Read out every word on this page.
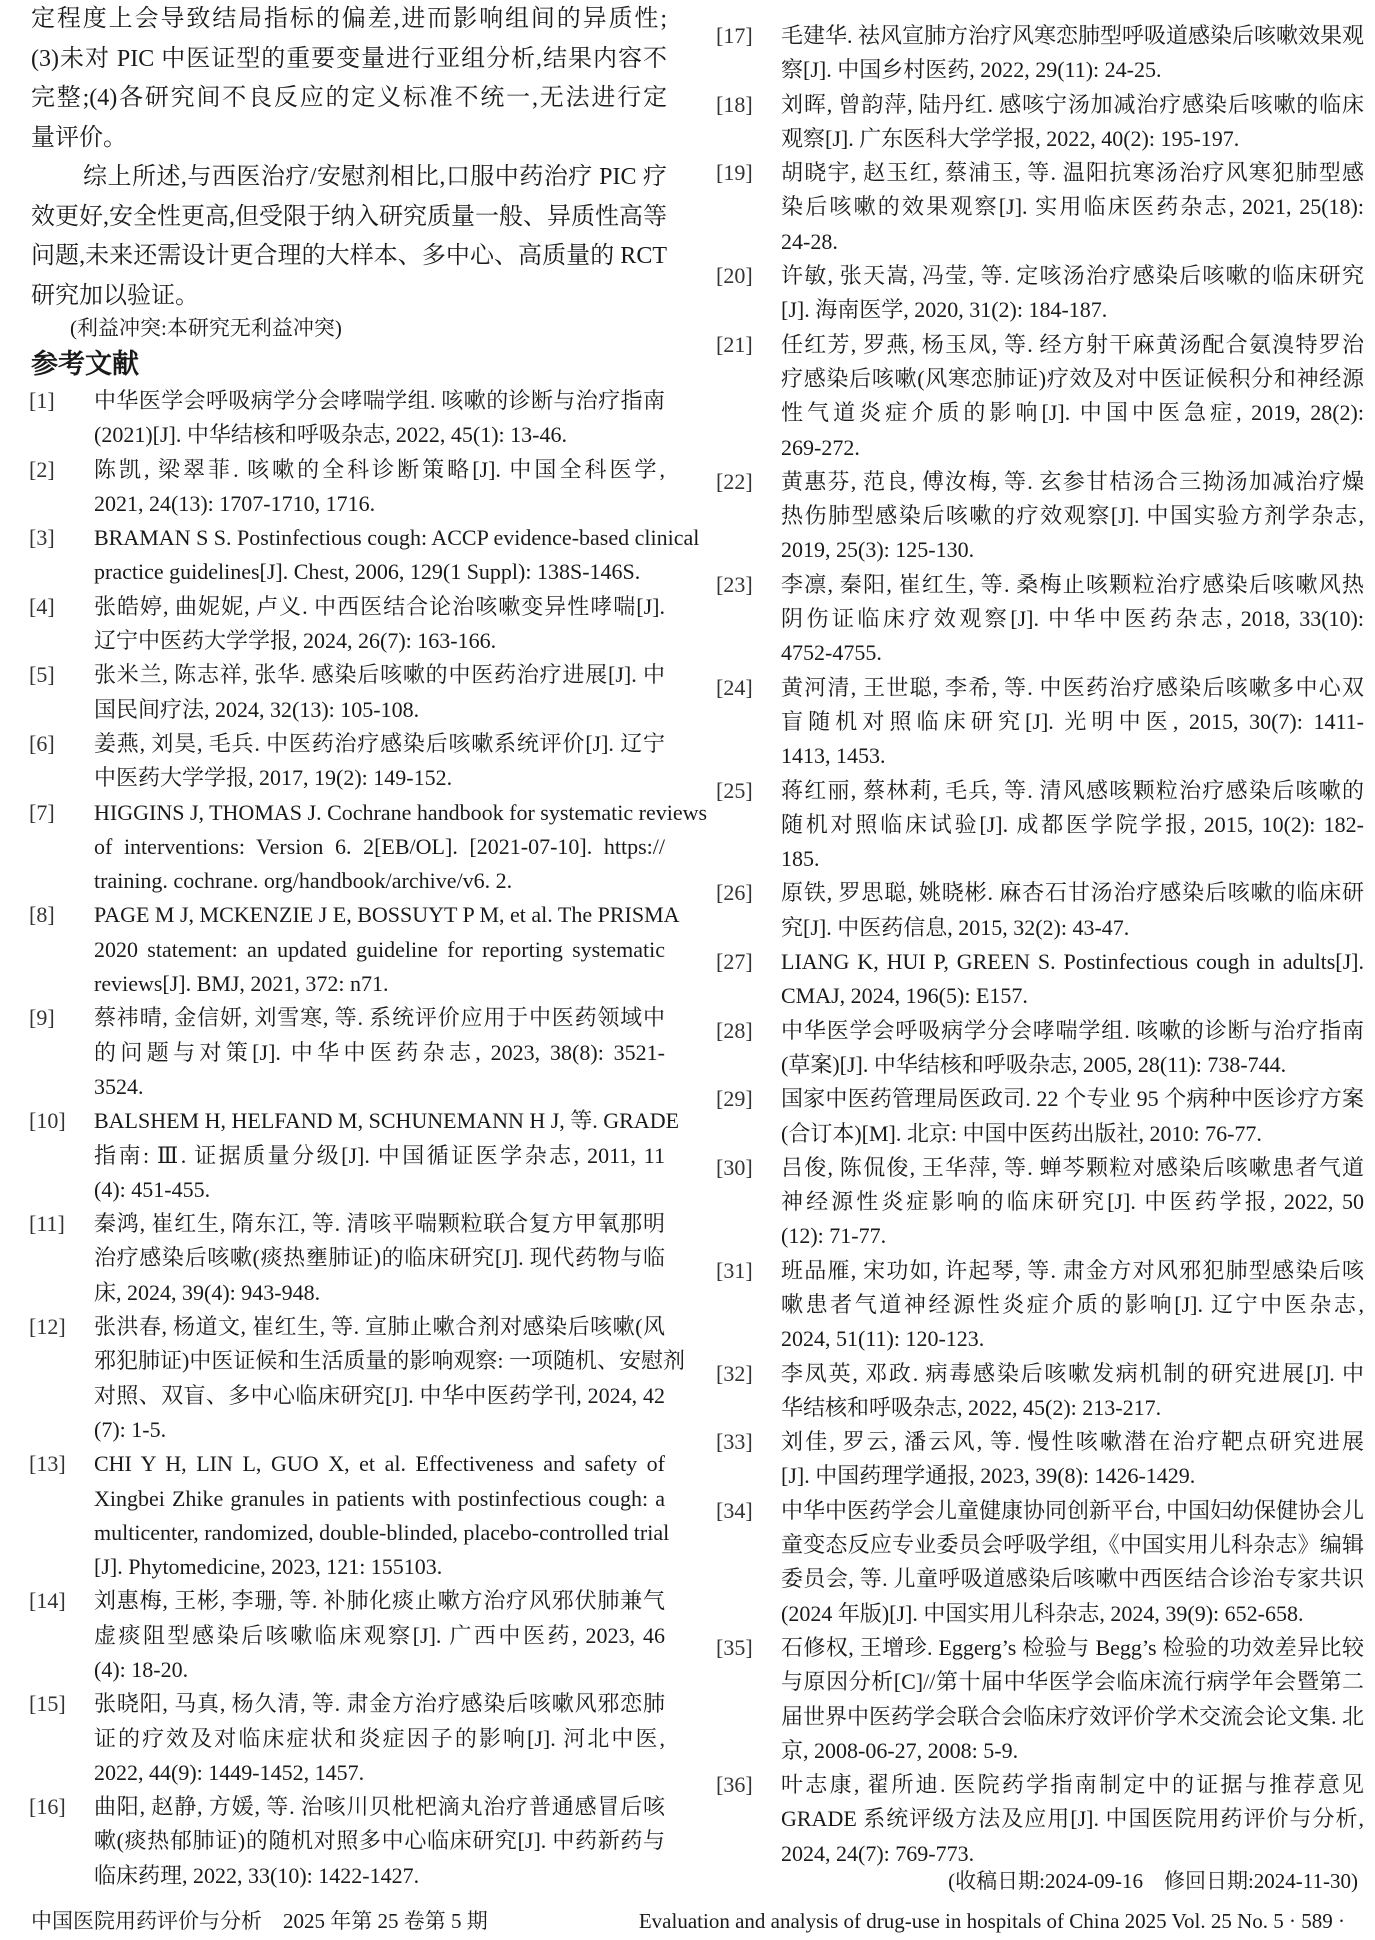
定程度上会导致结局指标的偏差,进而影响组间的异质性;
(3)未对 PIC 中医证型的重要变量进行亚组分析,结果内容不
完整;(4)各研究间不良反应的定义标准不统一,无法进行定
量评价。
综上所述,与西医治疗/安慰剂相比,口服中药治疗 PIC 疗
效更好,安全性更高,但受限于纳入研究质量一般、异质性高等
问题,未来还需设计更合理的大样本、多中心、高质量的 RCT
研究加以验证。
(利益冲突:本研究无利益冲突)
参考文献
[1] 中华医学会呼吸病学分会哮喘学组. 咳嗽的诊断与治疗指南
(2021)[J]. 中华结核和呼吸杂志, 2022, 45(1): 13-46.
[2] 陈凯, 梁翠菲. 咳嗽的全科诊断策略[J]. 中国全科医学,
2021, 24(13): 1707-1710, 1716.
[3] BRAMAN S S. Postinfectious cough: ACCP evidence-based clinical
practice guidelines[J]. Chest, 2006, 129(1 Suppl): 138S-146S.
[4] 张皓婷, 曲妮妮, 卢义. 中西医结合论治咳嗽变异性哮喘[J].
辽宁中医药大学学报, 2024, 26(7): 163-166.
[5] 张米兰, 陈志祥, 张华. 感染后咳嗽的中医药治疗进展[J]. 中
国民间疗法, 2024, 32(13): 105-108.
[6] 姜燕, 刘昊, 毛兵. 中医药治疗感染后咳嗽系统评价[J]. 辽宁
中医药大学学报, 2017, 19(2): 149-152.
[7] HIGGINS J, THOMAS J. Cochrane handbook for systematic reviews
of interventions: Version 6. 2[EB/OL]. [2021-07-10]. https://
training. cochrane. org/handbook/archive/v6. 2.
[8] PAGE M J, MCKENZIE J E, BOSSUYT P M, et al. The PRISMA
2020 statement: an updated guideline for reporting systematic
reviews[J]. BMJ, 2021, 372: n71.
[9] 蔡祎晴, 金信妍, 刘雪寒, 等. 系统评价应用于中医药领域中
的问题与对策[J]. 中华中医药杂志, 2023, 38(8): 3521-
3524.
[10] BALSHEM H, HELFAND M, SCHUNEMANN H J, 等. GRADE
指南: Ⅲ. 证据质量分级[J]. 中国循证医学杂志, 2011, 11
(4): 451-455.
[11] 秦鸿, 崔红生, 隋东江, 等. 清咳平喘颗粒联合复方甲氧那明
治疗感染后咳嗽(痰热壅肺证)的临床研究[J]. 现代药物与临
床, 2024, 39(4): 943-948.
[12] 张洪春, 杨道文, 崔红生, 等. 宣肺止嗽合剂对感染后咳嗽(风
邪犯肺证)中医证候和生活质量的影响观察: 一项随机、安慰剂
对照、双盲、多中心临床研究[J]. 中华中医药学刊, 2024, 42
(7): 1-5.
[13] CHI Y H, LIN L, GUO X, et al. Effectiveness and safety of
Xingbei Zhike granules in patients with postinfectious cough: a
multicenter, randomized, double-blinded, placebo-controlled trial
[J]. Phytomedicine, 2023, 121: 155103.
[14] 刘惠梅, 王彬, 李珊, 等. 补肺化痰止嗽方治疗风邪伏肺兼气
虚痰阻型感染后咳嗽临床观察[J]. 广西中医药, 2023, 46
(4): 18-20.
[15] 张晓阳, 马真, 杨久清, 等. 肃金方治疗感染后咳嗽风邪恋肺
证的疗效及对临床症状和炎症因子的影响[J]. 河北中医,
2022, 44(9): 1449-1452, 1457.
[16] 曲阳, 赵静, 方媛, 等. 治咳川贝枇杷滴丸治疗普通感冒后咳
嗽(痰热郁肺证)的随机对照多中心临床研究[J]. 中药新药与
临床药理, 2022, 33(10): 1422-1427.
[17] 毛建华. 祛风宣肺方治疗风寒恋肺型呼吸道感染后咳嗽效果观
察[J]. 中国乡村医药, 2022, 29(11): 24-25.
[18] 刘晖, 曾韵萍, 陆丹红. 感咳宁汤加减治疗感染后咳嗽的临床
观察[J]. 广东医科大学学报, 2022, 40(2): 195-197.
[19] 胡晓宇, 赵玉红, 蔡浦玉, 等. 温阳抗寒汤治疗风寒犯肺型感
染后咳嗽的效果观察[J]. 实用临床医药杂志, 2021, 25(18):
24-28.
[20] 许敏, 张天嵩, 冯莹, 等. 定咳汤治疗感染后咳嗽的临床研究
[J]. 海南医学, 2020, 31(2): 184-187.
[21] 任红芳, 罗燕, 杨玉凤, 等. 经方射干麻黄汤配合氨溴特罗治
疗感染后咳嗽(风寒恋肺证)疗效及对中医证候积分和神经源
性气道炎症介质的影响[J]. 中国中医急症, 2019, 28(2):
269-272.
[22] 黄惠芬, 范良, 傅汝梅, 等. 玄参甘桔汤合三拗汤加减治疗燥
热伤肺型感染后咳嗽的疗效观察[J]. 中国实验方剂学杂志,
2019, 25(3): 125-130.
[23] 李凛, 秦阳, 崔红生, 等. 桑梅止咳颗粒治疗感染后咳嗽风热
阴伤证临床疗效观察[J]. 中华中医药杂志, 2018, 33(10):
4752-4755.
[24] 黄河清, 王世聪, 李希, 等. 中医药治疗感染后咳嗽多中心双
盲随机对照临床研究[J]. 光明中医, 2015, 30(7): 1411-
1413, 1453.
[25] 蒋红丽, 蔡林莉, 毛兵, 等. 清风感咳颗粒治疗感染后咳嗽的
随机对照临床试验[J]. 成都医学院学报, 2015, 10(2): 182-
185.
[26] 原铁, 罗思聪, 姚晓彬. 麻杏石甘汤治疗感染后咳嗽的临床研
究[J]. 中医药信息, 2015, 32(2): 43-47.
[27] LIANG K, HUI P, GREEN S. Postinfectious cough in adults[J].
CMAJ, 2024, 196(5): E157.
[28] 中华医学会呼吸病学分会哮喘学组. 咳嗽的诊断与治疗指南
(草案)[J]. 中华结核和呼吸杂志, 2005, 28(11): 738-744.
[29] 国家中医药管理局医政司. 22 个专业 95 个病种中医诊疗方案
(合订本)[M]. 北京: 中国中医药出版社, 2010: 76-77.
[30] 吕俊, 陈侃俊, 王华萍, 等. 蝉芩颗粒对感染后咳嗽患者气道
神经源性炎症影响的临床研究[J]. 中医药学报, 2022, 50
(12): 71-77.
[31] 班品雁, 宋功如, 许起琴, 等. 肃金方对风邪犯肺型感染后咳
嗽患者气道神经源性炎症介质的影响[J]. 辽宁中医杂志,
2024, 51(11): 120-123.
[32] 李凤英, 邓政. 病毒感染后咳嗽发病机制的研究进展[J]. 中
华结核和呼吸杂志, 2022, 45(2): 213-217.
[33] 刘佳, 罗云, 潘云风, 等. 慢性咳嗽潜在治疗靶点研究进展
[J]. 中国药理学通报, 2023, 39(8): 1426-1429.
[34] 中华中医药学会儿童健康协同创新平台, 中国妇幼保健协会儿
童变态反应专业委员会呼吸学组,《中国实用儿科杂志》编辑
委员会, 等. 儿童呼吸道感染后咳嗽中西医结合诊治专家共识
(2024 年版)[J]. 中国实用儿科杂志, 2024, 39(9): 652-658.
[35] 石修权, 王增珍. Eggerg’s 检验与 Begg’s 检验的功效差异比较
与原因分析[C]//第十届中华医学会临床流行病学年会暨第二
届世界中医药学会联合会临床疗效评价学术交流会论文集. 北
京, 2008-06-27, 2008: 5-9.
[36] 叶志康, 翟所迪. 医院药学指南制定中的证据与推荐意见
GRADE 系统评级方法及应用[J]. 中国医院用药评价与分析,
2024, 24(7): 769-773.
(收稿日期:2024-09-16　修回日期:2024-11-30)
中国医院用药评价与分析　2025 年第 25 卷第 5 期	Evaluation and analysis of drug-use in hospitals of China 2025 Vol. 25 No. 5 · 589 ·
